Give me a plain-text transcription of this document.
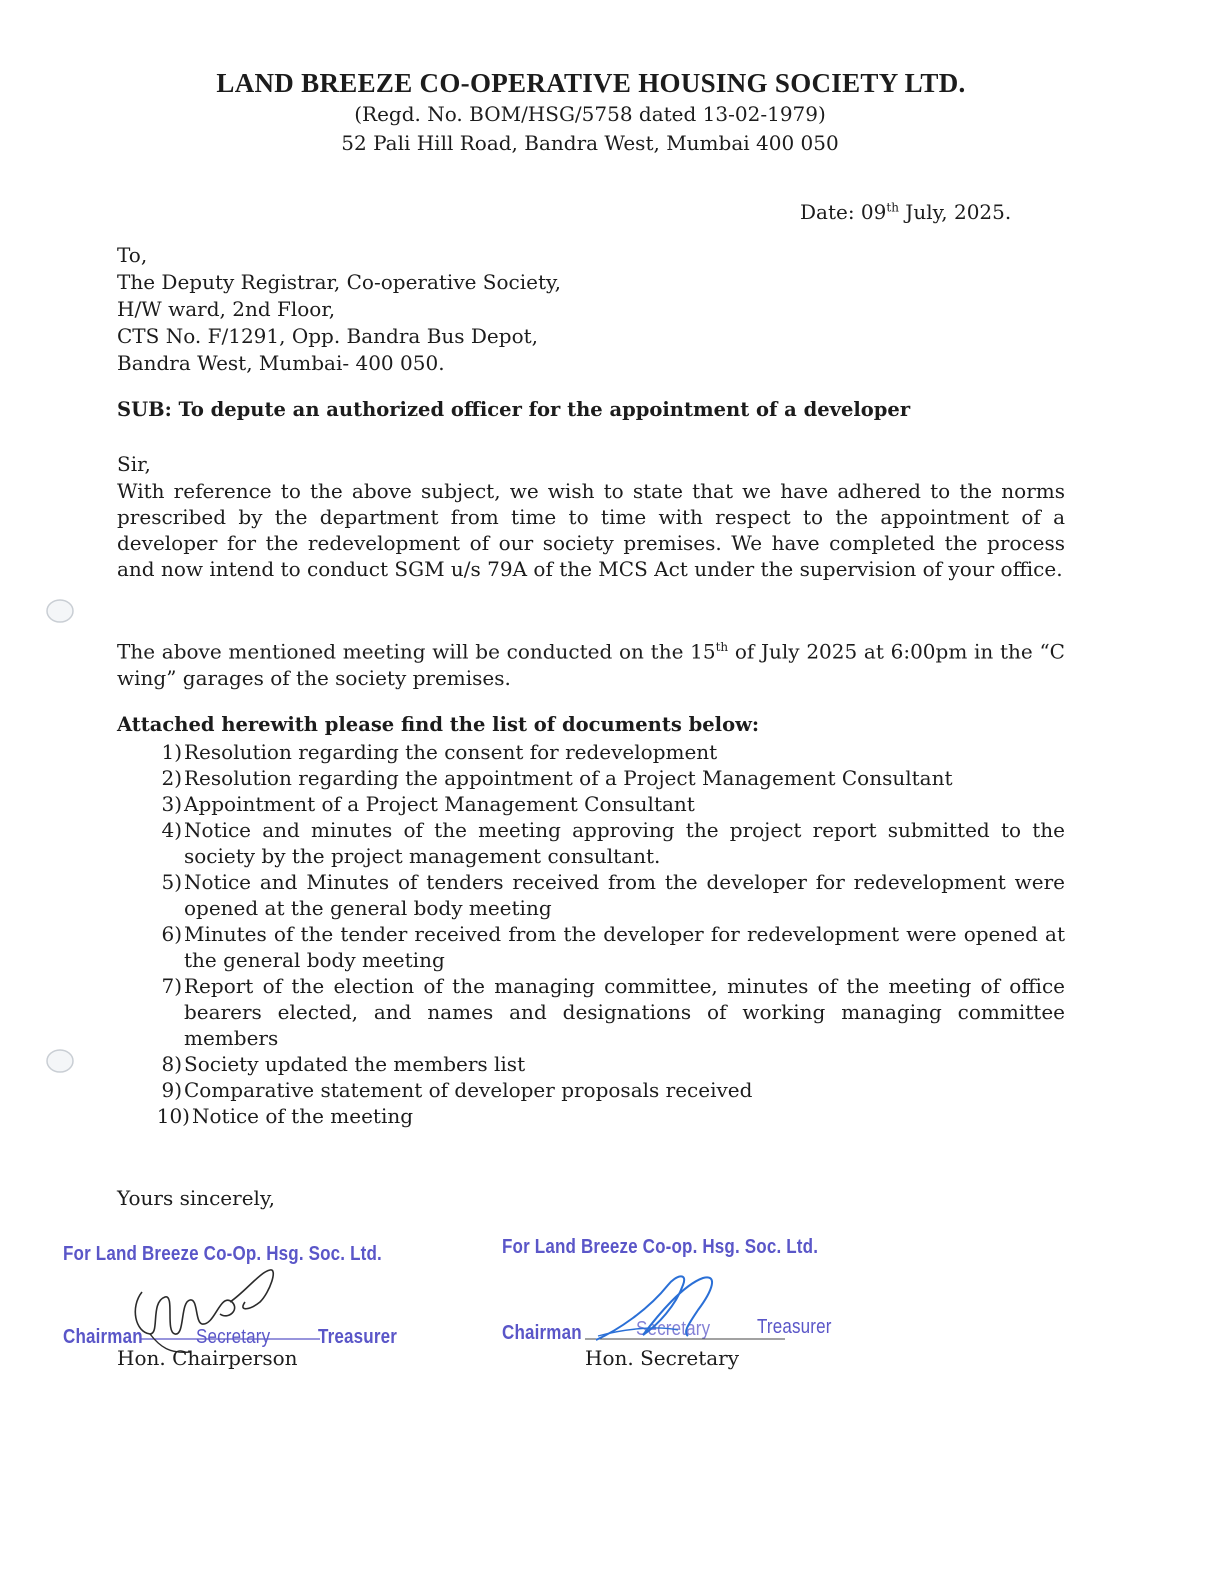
LAND BREEZE CO-OPERATIVE HOUSING SOCIETY LTD.
(Regd. No. BOM/HSG/5758 dated 13-02-1979)
52 Pali Hill Road, Bandra West, Mumbai 400 050
Date: 09th July, 2025.
To,
The Deputy Registrar, Co-operative Society,
H/W ward, 2nd Floor,
CTS No. F/1291, Opp. Bandra Bus Depot,
Bandra West, Mumbai- 400 050.
SUB: To depute an authorized officer for the appointment of a developer
Sir,
With reference to the above subject, we wish to state that we have adhered to the norms prescribed by the department from time to time with respect to the appointment of a developer for the redevelopment of our society premises. We have completed the process and now intend to conduct SGM u/s 79A of the MCS Act under the supervision of your office.
The above mentioned meeting will be conducted on the 15th of July 2025 at 6:00pm in the “C wing” garages of the society premises.
Attached herewith please find the list of documents below:
1) Resolution regarding the consent for redevelopment
2) Resolution regarding the appointment of a Project Management Consultant
3) Appointment of a Project Management Consultant
4) Notice and minutes of the meeting approving the project report submitted to the society by the project management consultant.
5) Notice and Minutes of tenders received from the developer for redevelopment were opened at the general body meeting
6) Minutes of the tender received from the developer for redevelopment were opened at the general body meeting
7) Report of the election of the managing committee, minutes of the meeting of office bearers elected, and names and designations of working managing committee members
8) Society updated the members list
9) Comparative statement of developer proposals received
10) Notice of the meeting
Yours sincerely,
For Land Breeze Co-Op. Hsg. Soc. Ltd.
Chairman	Secretary Treasurer
Hon. Chairperson
For Land Breeze Co-op. Hsg. Soc. Ltd.
Chairman	Secretary Treasurer
Hon. Secretary
